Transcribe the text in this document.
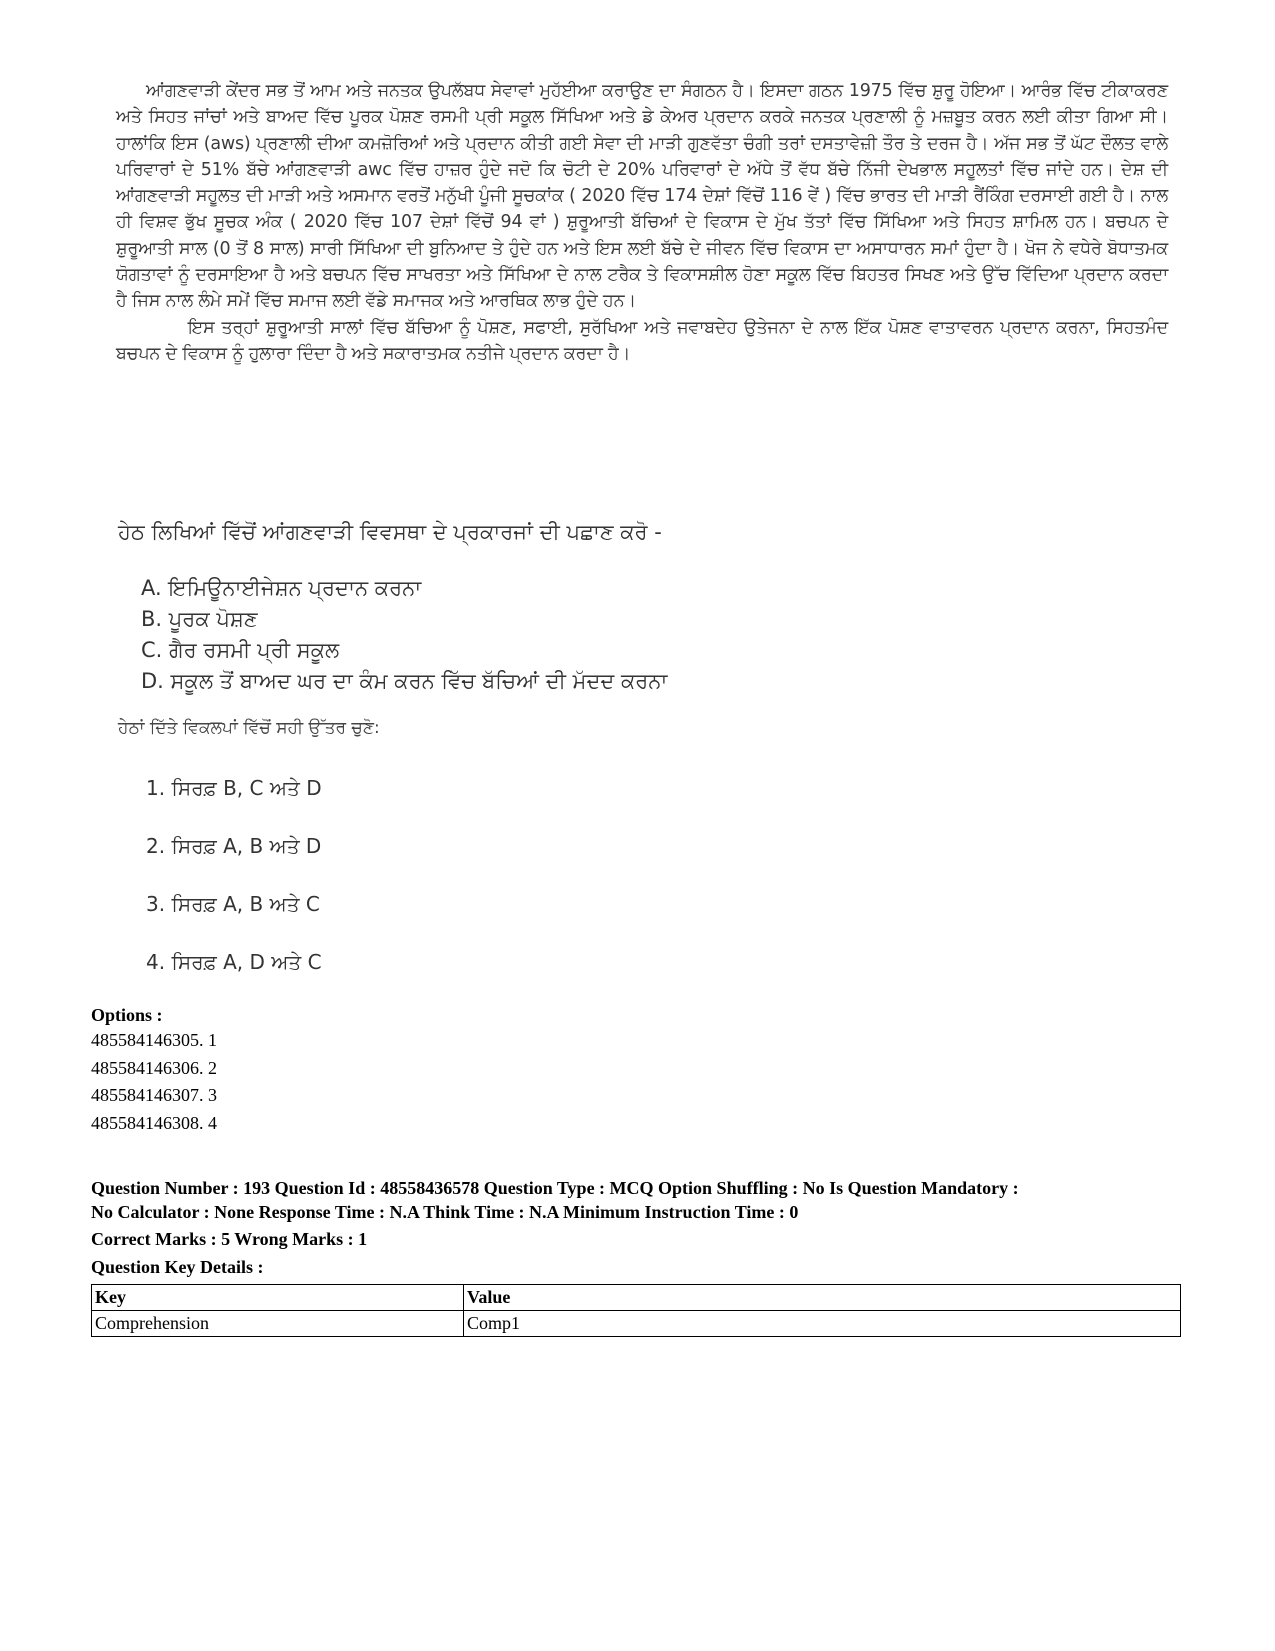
ਆਂਗਣਵਾੜੀ ਕੇਂਦਰ ਸਭ ਤੋਂ ਆਮ ਅਤੇ ਜਨਤਕ ਉਪਲੱਬਧ ਸੇਵਾਵਾਂ ਮੁਹੱਈਆ ਕਰਾਉਣ ਦਾ ਸੰਗਠਨ ਹੈ। ਇਸਦਾ ਗਠਨ 1975 ਵਿੱਚ ਸ਼ੁਰੂ ਹੋਇਆ। ਆਰੰਭ ਵਿੱਚ ਟੀਕਾਕਰਣ ਅਤੇ ਸਿਹਤ ਜਾਂਚਾਂ ਅਤੇ ਬਾਅਦ ਵਿੱਚ ਪੂਰਕ ਪੋਸ਼ਣ ਰਸਮੀ ਪ੍ਰੀ ਸਕੂਲ ਸਿੱਖਿਆ ਅਤੇ ਡੇ ਕੇਅਰ ਪ੍ਰਦਾਨ ਕਰਕੇ ਜਨਤਕ ਪ੍ਰਣਾਲੀ ਨੂੰ ਮਜ਼ਬੂਤ ਕਰਨ ਲਈ ਕੀਤਾ ਗਿਆ ਸੀ। ਹਾਲਾਂਕਿ ਇਸ (aws) ਪ੍ਰਣਾਲੀ ਦੀਆ ਕਮਜ਼ੋਰਿਆਂ ਅਤੇ ਪ੍ਰਦਾਨ ਕੀਤੀ ਗਈ ਸੇਵਾ ਦੀ ਮਾੜੀ ਗੁਣਵੱਤਾ ਚੰਗੀ ਤਰਾਂ ਦਸਤਾਵੇਜ਼ੀ ਤੌਰ ਤੇ ਦਰਜ ਹੈ। ਅੱਜ ਸਭ ਤੋਂ ਘੱਟ ਦੌਲਤ ਵਾਲੇ ਪਰਿਵਾਰਾਂ ਦੇ 51% ਬੱਚੇ ਆਂਗਣਵਾੜੀ awc ਵਿੱਚ ਹਾਜ਼ਰ ਹੁੰਦੇ ਜਦੋ ਕਿ ਚੋਟੀ ਦੇ 20% ਪਰਿਵਾਰਾਂ ਦੇ ਅੱਧੇ ਤੋਂ ਵੱਧ ਬੱਚੇ ਨਿੱਜੀ ਦੇਖਭਾਲ ਸਹੂਲਤਾਂ ਵਿੱਚ ਜਾਂਦੇ ਹਨ। ਦੇਸ਼ ਦੀ ਆਂਗਣਵਾੜੀ ਸਹੂਲਤ ਦੀ ਮਾੜੀ ਅਤੇ ਅਸਮਾਨ ਵਰਤੋਂ ਮਨੁੱਖੀ ਪੂੰਜੀ ਸੂਚਕਾਂਕ ( 2020 ਵਿੱਚ 174 ਦੇਸ਼ਾਂ ਵਿੱਚੋਂ 116 ਵੇਂ ) ਵਿੱਚ ਭਾਰਤ ਦੀ ਮਾੜੀ ਰੈਂਕਿੰਗ ਦਰਸਾਈ ਗਈ ਹੈ। ਨਾਲ ਹੀ ਵਿਸ਼ਵ ਭੁੱਖ ਸੂਚਕ ਅੰਕ ( 2020 ਵਿੱਚ 107 ਦੇਸ਼ਾਂ ਵਿੱਚੋਂ 94 ਵਾਂ ) ਸ਼ੁਰੂਆਤੀ ਬੱਚਿਆਂ ਦੇ ਵਿਕਾਸ ਦੇ ਮੁੱਖ ਤੱਤਾਂ ਵਿੱਚ ਸਿੱਖਿਆ ਅਤੇ ਸਿਹਤ ਸ਼ਾਮਿਲ ਹਨ। ਬਚਪਨ ਦੇ ਸ਼ੁਰੂਆਤੀ ਸਾਲ (0 ਤੋਂ 8 ਸਾਲ) ਸਾਰੀ ਸਿੱਖਿਆ ਦੀ ਬੁਨਿਆਦ ਤੇ ਹੁੰਦੇ ਹਨ ਅਤੇ ਇਸ ਲਈ ਬੱਚੇ ਦੇ ਜੀਵਨ ਵਿੱਚ ਵਿਕਾਸ ਦਾ ਅਸਾਧਾਰਨ ਸਮਾਂ ਹੁੰਦਾ ਹੈ। ਖੋਜ ਨੇ ਵਧੇਰੇ ਬੋਧਾਤਮਕ ਯੋਗਤਾਵਾਂ ਨੂੰ ਦਰਸਾਇਆ ਹੈ ਅਤੇ ਬਚਪਨ ਵਿੱਚ ਸਾਖਰਤਾ ਅਤੇ ਸਿੱਖਿਆ ਦੇ ਨਾਲ ਟਰੈਕ ਤੇ ਵਿਕਾਸਸ਼ੀਲ ਹੋਣਾ ਸਕੂਲ ਵਿੱਚ ਬਿਹਤਰ ਸਿਖਣ ਅਤੇ ਉੱਚ ਵਿੱਦਿਆ ਪ੍ਰਦਾਨ ਕਰਦਾ ਹੈ ਜਿਸ ਨਾਲ ਲੰਮੇ ਸਮੇਂ ਵਿੱਚ ਸਮਾਜ ਲਈ ਵੱਡੇ ਸਮਾਜਕ ਅਤੇ ਆਰਥਿਕ ਲਾਭ ਹੁੰਦੇ ਹਨ।

ਇਸ ਤਰ੍ਹਾਂ ਸ਼ੁਰੂਆਤੀ ਸਾਲਾਂ ਵਿੱਚ ਬੱਚਿਆ ਨੂੰ ਪੋਸ਼ਣ, ਸਫਾਈ, ਸੁਰੱਖਿਆ ਅਤੇ ਜਵਾਬਦੇਹ ਉਤੇਜਨਾ ਦੇ ਨਾਲ ਇੱਕ ਪੋਸ਼ਣ ਵਾਤਾਵਰਨ ਪ੍ਰਦਾਨ ਕਰਨਾ, ਸਿਹਤਮੰਦ ਬਚਪਨ ਦੇ ਵਿਕਾਸ ਨੂੰ ਹੁਲਾਰਾ ਦਿੰਦਾ ਹੈ ਅਤੇ ਸਕਾਰਾਤਮਕ ਨਤੀਜੇ ਪ੍ਰਦਾਨ ਕਰਦਾ ਹੈ।

ਹੇਠ ਲਿਖਿਆਂ ਵਿੱਚੋਂ ਆਂਗਣਵਾੜੀ ਵਿਵਸਥਾ ਦੇ ਪ੍ਰਕਾਰਜਾਂ ਦੀ ਪਛਾਣ ਕਰੋ -
A. ਇਮਿਊਨਾਈਜੇਸ਼ਨ ਪ੍ਰਦਾਨ ਕਰਨਾ
B. ਪੂਰਕ ਪੋਸ਼ਣ
C. ਗੈਰ ਰਸਮੀ ਪ੍ਰੀ ਸਕੂਲ
D. ਸਕੂਲ ਤੋਂ ਬਾਅਦ ਘਰ ਦਾ ਕੰਮ ਕਰਨ ਵਿੱਚ ਬੱਚਿਆਂ ਦੀ ਮੱਦਦ ਕਰਨਾ
ਹੇਠਾਂ ਦਿੱਤੇ ਵਿਕਲਪਾਂ ਵਿੱਚੋਂ ਸਹੀ ਉੱਤਰ ਚੁਣੋ:
1. ਸਿਰਫ਼ B, C ਅਤੇ D
2. ਸਿਰਫ਼ A, B ਅਤੇ D
3. ਸਿਰਫ਼ A, B ਅਤੇ C
4. ਸਿਰਫ਼ A, D ਅਤੇ C
Options :
485584146305. 1
485584146306. 2
485584146307. 3
485584146308. 4
Question Number : 193 Question Id : 48558436578 Question Type : MCQ Option Shuffling : No Is Question Mandatory :
No Calculator : None Response Time : N.A Think Time : N.A Minimum Instruction Time : 0
Correct Marks : 5 Wrong Marks : 1
Question Key Details :
Key	Value
Comprehension	Comp1
